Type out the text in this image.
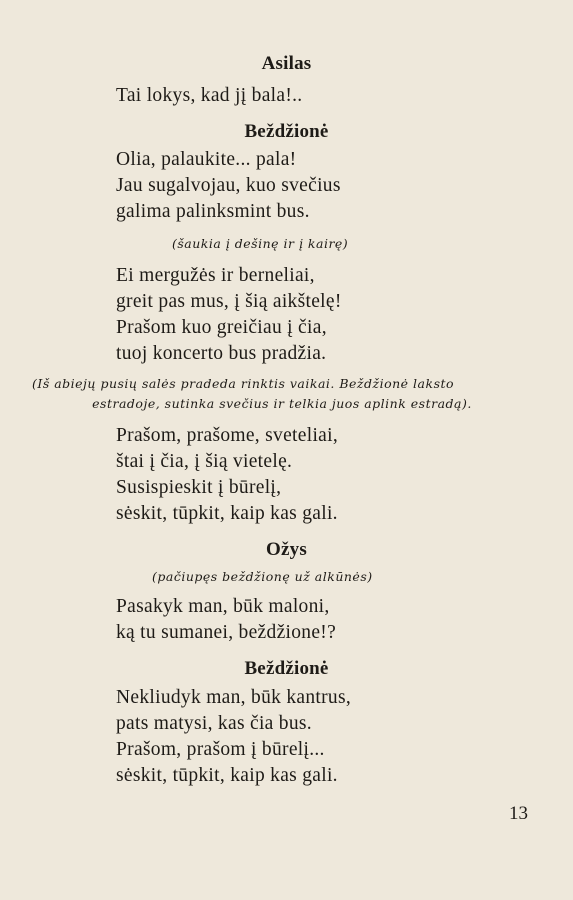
Asilas
Tai lokys, kad jį bala!..
Beždžionė
Olia, palaukite... pala!
Jau sugalvojau, kuo svečius
galima palinksmint bus.
(šaukia į dešinę ir į kairę)
Ei mergužės ir berneliai,
greit pas mus, į šią aikštelę!
Prašom kuo greičiau į čia,
tuoj koncerto bus pradžia.
(Iš abiejų pusių salės pradeda rinktis vaikai. Beždžionė laksto
estradoje, sutinka svečius ir telkia juos aplink estradą).
Prašom, prašome, sveteliai,
štai į čia, į šią vietelę.
Susispieskit į būrelį,
sėskit, tūpkit, kaip kas gali.
Ožys
(pačiupęs beždžionę už alkūnės)
Pasakyk man, būk maloni,
ką tu sumanei, beždžione!?
Beždžionė
Nekliudyk man, būk kantrus,
pats matysi, kas čia bus.
Prašom, prašom į būrelį...
sėskit, tūpkit, kaip kas gali.
13
